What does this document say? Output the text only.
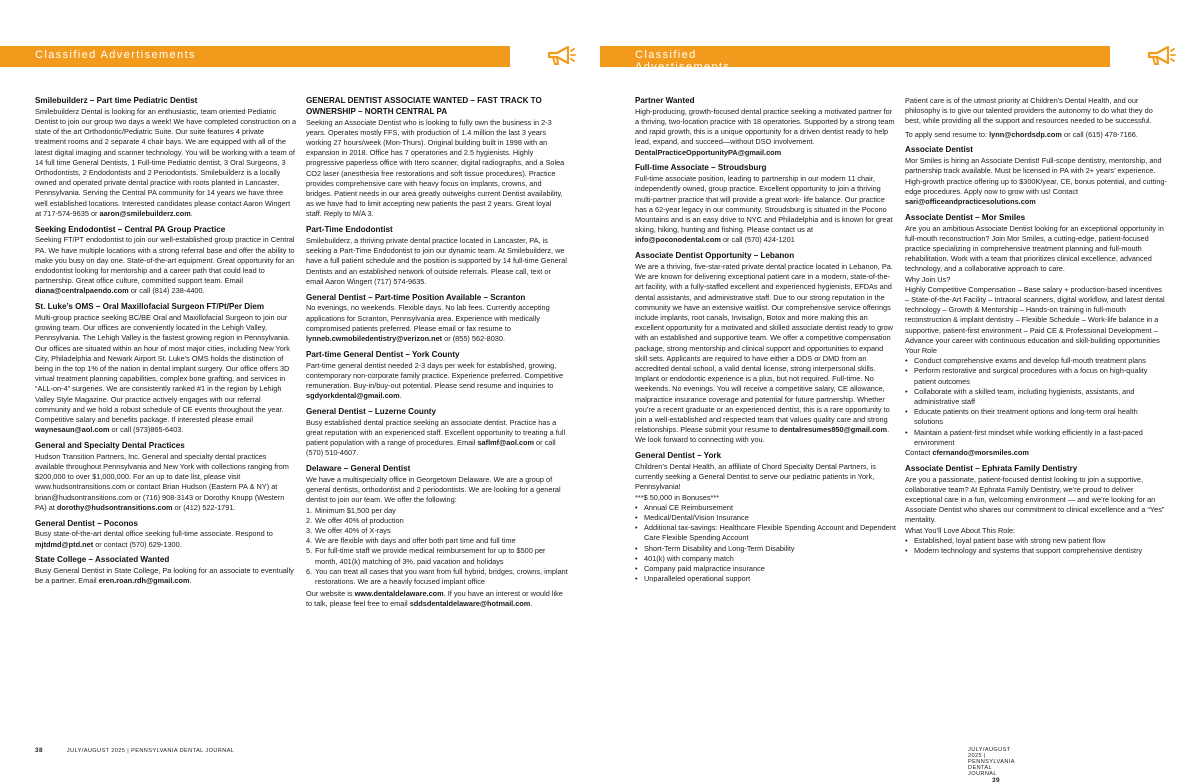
Classified Advertisements
Smilebuilderz – Part time Pediatric Dentist

Smilebuilderz Dental is looking for an enthusiastic, team oriented Pediatric Dentist to join our group two days a week! We have completed construction on a state of the art Orthodontic/Pediatric Suite. Our suite features 4 private treatment rooms and 2 separate 4 chair bays. We are equipped with all of the latest digital imaging and scanner technology. You will be working with a team of 14 full time General Dentists, 1 Full-time Pediatric dentist, 3 Oral Surgeons, 3 Orthodontists, 2 Endodontists and 2 Periodontists. Smilebuilderz is a locally owned and operated private dental practice with roots planted in Lancaster, Pennsylvania. Serving the Central PA community for 14 years we have three well established locations. Interested candidates please contact Aaron Wingert at 717-574-9635 or aaron@smilebuilderz.com.

Seeking Endodontist – Central PA Group Practice

Seeking FT/PT endodontist to join our well-established group practice in Central PA. We have multiple locations with a strong referral base and offer the ability to make you busy on day one. State-of-the-art equipment. Great opportunity for an endodontist looking for mentorship and a career path that could lead to partnership. Great office culture, committed support team. Email diana@centralpaendo.com or call (814) 238-4400.

St. Luke’s OMS – Oral Maxillofacial Surgeon FT/Pt/Per Diem

Multi-group practice seeking BC/BE Oral and Maxillofacial Surgeon to join our growing team. Our offices are conveniently located in the Lehigh Valley, Pennsylvania. The Lehigh Valley is the fastest growing region in Pennsylvania. Our offices are situated within an hour of most major cities, including New York City, Philadelphia and Newark Airport St. Luke’s OMS holds the distinction of being in the top 1% of the nation in dental implant surgery. Our office offers 3D virtual treatment planning capabilities, complex bone grafting, and services in “ALL-on-4” surgeries. We are consistently ranked #1 in the region by Lehigh Valley Style Magazine. Our practice actively engages with our referral community and we hold a robust schedule of CE events throughout the year. Competitive salary and benefits package. If interested please email waynesaun@aol.com or call (973)865-6403.

General and Specialty Dental Practices

Hudson Transition Partners, Inc. General and specialty dental practices available throughout Pennsylvania and New York with collections ranging from $200,000 to over $1,000,000. For an up to date list, please visit www.hudsontransitions.com or contact Brian Hudson (Eastern PA & NY) at brian@hudsontransitions.com or (716) 908-3143 or Dorothy Knupp (Western PA) at dorothy@hudsontransitions.com or (412) 522-1791.

General Dentist – Poconos

Busy state-of-the-art dental office seeking full-time associate. Respond to mjtdmd@ptd.net or contact (570) 629-1300.

State College – Associated Wanted

Busy General Dentist in State College, Pa looking for an associate to eventually be a partner. Email eren.roan.rdh@gmail.com.

GENERAL DENTIST ASSOCIATE WANTED – FAST TRACK TO OWNERSHIP – NORTH CENTRAL PA

Seeking an Associate Dentist who is looking to fully own the business in 2-3 years. Operates mostly FFS, with production of 1.4 million the last 3 years working 27 hours/week (Mon-Thurs). Original building built in 1998 with an expansion in 2018. Office has 7 operatories and 2.5 hygienists. Highly progressive paperless office with Itero scanner, digital radiographs, and a Solea CO2 laser (anesthesia free restorations and soft tissue procedures). Practice provides comprehensive care with heavy focus on implants, crowns, and bridges. Patient needs in our area greatly outweighs current Dentist availability, as we have had to limit accepting new patients the past 2 years. Great loyal staff. Reply to M/A 3.

Part-Time Endodontist

Smilebuilderz, a thriving private dental practice located in Lancaster, PA, is seeking a Part-Time Endodontist to join our dynamic team. At Smilebuilderz, we have a full patient schedule and the position is supported by 14 full-time General Dentists and an established network of outside referrals. Please call, text or email Aaron Wingert (717) 574-9635.

General Dentist – Part-time Position Available – Scranton

No evenings, no weekends. Flexible days. No lab fees. Currently accepting applications for Scranton, Pennsylvania area. Experience with medically compromised patients preferred. Please email or fax resume to lynneb.cwmobiledentistry@verizon.net or (855) 562-8030.

Part-time General Dentist – York County

Part-time general dentist needed 2-3 days per week for established, growing, contemporary non-corporate family practice. Experience preferred. Competitive remuneration. Buy-in/buy-out potential. Please send resume and inquiries to sgdyorkdental@gmail.com.

General Dentist – Luzerne County

Busy established dental practice seeking an associate dentist. Practice has a great reputation with an experienced staff. Excellent opportunity to treating a full patient population with a range of procedures. Email saflmf@aol.com or call (570) 510-4607.

Delaware – General Dentist

We have a multispecialty office in Georgetown Delaware. We are a group of general dentists, orthodontist and 2 periodontists. We are looking for a general dentist to join our team. We offer the following:

1. Minimum $1,500 per day
2. We offer 40% of production
3. We offer 40% of X-rays
4. We are flexible with days and offer both part time and full time
5. For full-time staff we provide medical reimbursement for up to $500 per month, 401(k) matching of 3%, paid vacation and holidays
6. You can treat all cases that you want from full hybrid, bridges, crowns, implant restorations. We are a heavily focused implant office

Our website is www.dentaldelaware.com. If you have an interest or would like to talk, please feel free to email sddsdentaldelaware@hotmail.com.

38	JULY/AUGUST 2025 | PENNSYLVANIA DENTAL JOURNAL
Classified Advertisements
Partner Wanted

High-producing, growth-focused dental practice seeking a motivated partner for a thriving, two-location practice with 18 operatories. Supported by a strong team and rapid growth, this is a unique opportunity for a driven dentist ready to help lead, expand, and succeed—without DSO involvement. DentalPracticeOpportunityPA@gmail.com

Full-time Associate – Stroudsburg

Full-time associate position, leading to partnership in our modern 11 chair, independently owned, group practice. Excellent opportunity to join a thriving multi-partner practice that will provide a great work- life balance. Our practice has a 62-year legacy in our community. Stroudsburg is situated in the Pocono Mountains and is an easy drive to NYC and Philadelphia and is known for great skiing, hiking, hunting and fishing. Please contact us at info@poconodental.com or call (570) 424-1201

Associate Dentist Opportunity – Lebanon

We are a thriving, five-star-rated private dental practice located in Lebanon, Pa. We are known for delivering exceptional patient care in a modern, state-of-the-art facility, with a fully-staffed excellent and experienced hygienists, EFDAs and dental assistants, and administrative staff. Due to our strong reputation in the community we have an extensive waitlist. Our comprehensive service offerings include implants, root canals, Invisalign, Botox and more making this an excellent opportunity for a motivated and skilled associate dentist ready to grow with an established and supportive team. We offer a competitive compensation package, strong mentorship and clinical support and opportunities to expand skill sets. Applicants are required to have either a DDS or DMD from an accredited dental school, a valid dental license, strong interpersonal skills. Implant or endodontic experience is a plus, but not required. Full-time. No weekends. No evenings. You will receive a competitive salary, CE allowance, malpractice insurance coverage and potential for future partnership. Whether you’re a recent graduate or an experienced dentist, this is a rare opportunity to join a well-established and respected team that values quality care and strong relationships. Please submit your resume to dentalresumes850@gmail.com. We look forward to connecting with you.

General Dentist – York

Children’s Dental Health, an affiliate of Chord Specialty Dental Partners, is currently seeking a General Dentist to serve our pediatric patients in York, Pennsylvania!

***$ 50,000 in Bonuses***

• Annual CE Reimbursement
• Medical/Dental/Vision Insurance
• Additional tax-savings: Healthcare Flexible Spending Account and Dependent Care Flexible Spending Account
• Short-Term Disability and Long-Term Disability
• 401(k) with company match
• Company paid malpractice insurance
• Unparalleled operational support

Patient care is of the utmost priority at Children’s Dental Health, and our philosophy is to give our talented providers the autonomy to do what they do best, while providing all the support and resources needed to be successful.

To apply send resume to: lynn@chordsdp.com or call (615) 478-7166.

Associate Dentist

Mor Smiles is hiring an Associate Dentist! Full-scope dentistry, mentorship, and partnership track available. Must be licensed in PA with 2+ years’ experience. High-growth practice offering up to $300K/year, CE, bonus potential, and cutting-edge procedures. Apply now to grow with us! Contact sari@officeandpracticesolutions.com

Associate Dentist – Mor Smiles

Are you an ambitious Associate Dentist looking for an exceptional opportunity in full-mouth reconstruction? Join Mor Smiles, a cutting-edge, patient-focused practice specializing in comprehensive treatment planning and full-mouth rehabilitation. Work with a team that prioritizes clinical excellence, advanced technology, and a collaborative approach to care.

Why Join Us?

Highly Competitive Compensation – Base salary + production-based incentives – State-of-the-Art Facility – Intraoral scanners, digital workflow, and latest dental technology – Growth & Mentorship – Hands-on training in full-mouth reconstruction & implant dentistry – Flexible Schedule – Work-life balance in a supportive, patient-first environment – Paid CE & Professional Development – Advance your career with continuous education and skill-building opportunities

Your Role

• Conduct comprehensive exams and develop full-mouth treatment plans
• Perform restorative and surgical procedures with a focus on high-quality patient outcomes
• Collaborate with a skilled team, including hygienists, assistants, and administrative staff
• Educate patients on their treatment options and long-term oral health solutions
• Maintain a patient-first mindset while working efficiently in a fast-paced environment

Contact cfernando@morsmiles.com

Associate Dentist – Ephrata Family Dentistry

Are you a passionate, patient-focused dentist looking to join a supportive, collaborative team? At Ephrata Family Dentistry, we’re proud to deliver exceptional care in a fun, welcoming environment — and we’re looking for an Associate Dentist who shares our commitment to clinical excellence and a “Yes” mentality.

What You’ll Love About This Role:

• Established, loyal patient base with strong new patient flow
• Modern technology and systems that support comprehensive dentistry
JULY/AUGUST 2025 | PENNSYLVANIA DENTAL JOURNAL 39
